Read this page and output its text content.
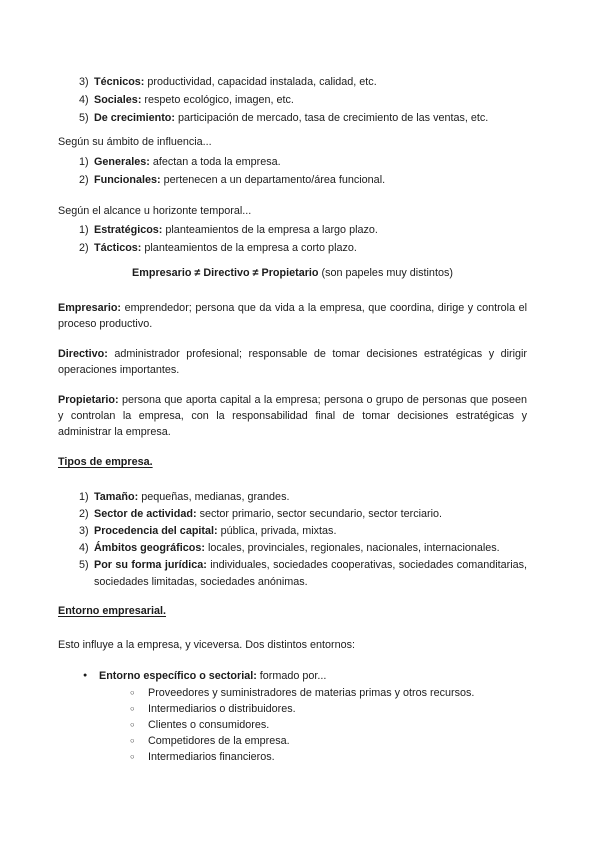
3) Técnicos: productividad, capacidad instalada, calidad, etc.
4) Sociales: respeto ecológico, imagen, etc.
5) De crecimiento: participación de mercado, tasa de crecimiento de las ventas, etc.

Según su ámbito de influencia...

1) Generales: afectan a toda la empresa.
2) Funcionales: pertenecen a un departamento/área funcional.

Según el alcance u horizonte temporal...

1) Estratégicos: planteamientos de la empresa a largo plazo.
2) Tácticos: planteamientos de la empresa a corto plazo.

Empresario ≠ Directivo ≠ Propietario (son papeles muy distintos)

Empresario: emprendedor; persona que da vida a la empresa, que coordina, dirige y controla el proceso productivo.

Directivo: administrador profesional; responsable de tomar decisiones estratégicas y dirigir operaciones importantes.

Propietario: persona que aporta capital a la empresa; persona o grupo de personas que poseen y controlan la empresa, con la responsabilidad final de tomar decisiones estratégicas y administrar la empresa.

Tipos de empresa.

1) Tamaño: pequeñas, medianas, grandes.
2) Sector de actividad: sector primario, sector secundario, sector terciario.
3) Procedencia del capital: pública, privada, mixtas.
4) Ámbitos geográficos: locales, provinciales, regionales, nacionales, internacionales.
5) Por su forma jurídica: individuales, sociedades cooperativas, sociedades comanditarias, sociedades limitadas, sociedades anónimas.

Entorno empresarial.

Esto influye a la empresa, y viceversa. Dos distintos entornos:

●	Entorno específico o sectorial: formado por...
○	Proveedores y suministradores de materias primas y otros recursos.
○	Intermediarios o distribuidores.
○	Clientes o consumidores.
○	Competidores de la empresa.
○	Intermediarios financieros.
